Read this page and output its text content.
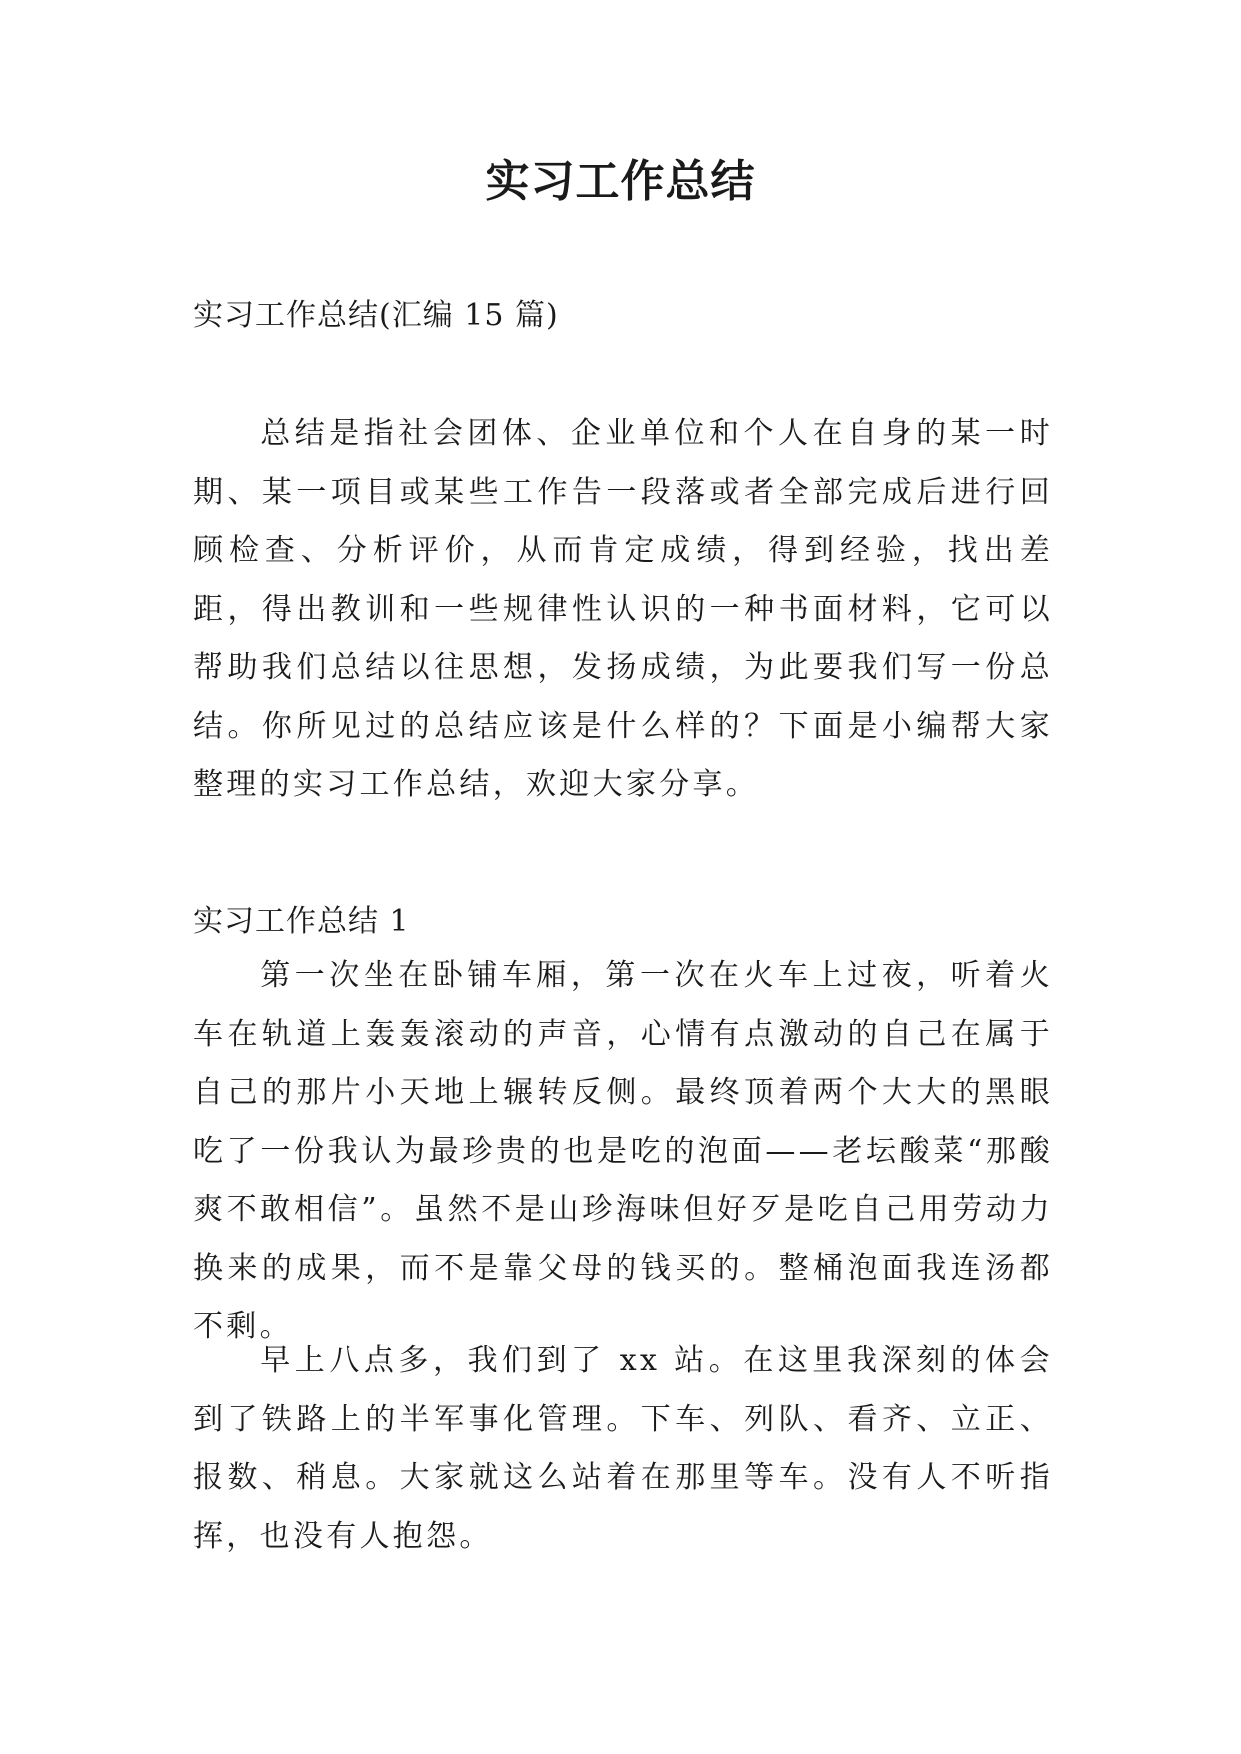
实习工作总结
实习工作总结(汇编 15 篇)

总结是指社会团体、企业单位和个人在自身的某一时期、某一项目或某些工作告一段落或者全部完成后进行回顾检查、分析评价，从而肯定成绩，得到经验，找出差距，得出教训和一些规律性认识的一种书面材料，它可以帮助我们总结以往思想，发扬成绩，为此要我们写一份总结。你所见过的总结应该是什么样的？下面是小编帮大家整理的实习工作总结，欢迎大家分享。

实习工作总结 1

第一次坐在卧铺车厢，第一次在火车上过夜，听着火车在轨道上轰轰滚动的声音，心情有点激动的自己在属于自己的那片小天地上辗转反侧。最终顶着两个大大的黑眼吃了一份我认为最珍贵的也是吃的泡面——老坛酸菜“那酸爽不敢相信”。虽然不是山珍海味但好歹是吃自己用劳动力换来的成果，而不是靠父母的钱买的。整桶泡面我连汤都不剩。

早上八点多，我们到了 xx 站。在这里我深刻的体会到了铁路上的半军事化管理。下车、列队、看齐、立正、报数、稍息。大家就这么站着在那里等车。没有人不听指挥，也没有人抱怨。
